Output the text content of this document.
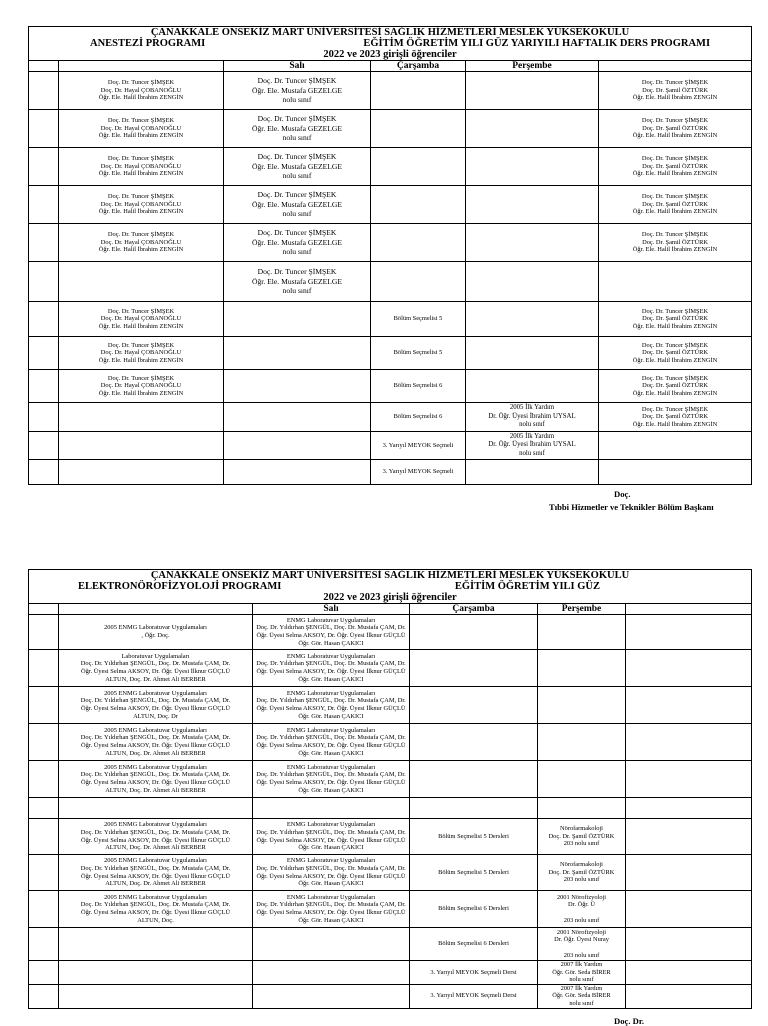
ÇANAKKALE ONSEKİZ MART ÜNİVERSİTESİ SAĞLIK HİZMETLERİ MESLEK YÜKSEKOKULU
ANESTEZİ PROGRAMI EĞİTİM ÖĞRETİM YILI GÜZ YARIYILI HAFTALIK DERS PROGRAMI
2022 ve 2023 girişli öğrenciler					

		Salı	Çarşamba	Perşembe	

	Doç. Dr. Tuncer ŞİMŞEK
Doç. Dr. Hayal ÇOBANOĞLU
Öğr. Ele. Halil İbrahim ZENGİN	Doç. Dr. Tuncer ŞİMŞEK
Öğr. Ele. Mustafa GEZELGE
nolu sınıf			Doç. Dr. Tuncer ŞİMŞEK
Doç. Dr. Şamil ÖZTÜRK
Öğr. Ele. Halil İbrahim ZENGİN

	Doç. Dr. Tuncer ŞİMŞEK
Doç. Dr. Hayal ÇOBANOĞLU
Öğr. Ele. Halil İbrahim ZENGİN	Doç. Dr. Tuncer ŞİMŞEK
Öğr. Ele. Mustafa GEZELGE
nolu sınıf			Doç. Dr. Tuncer ŞİMŞEK
Doç. Dr. Şamil ÖZTÜRK
Öğr. Ele. Halil İbrahim ZENGİN

	Doç. Dr. Tuncer ŞİMŞEK
Doç. Dr. Hayal ÇOBANOĞLU
Öğr. Ele. Halil İbrahim ZENGİN	Doç. Dr. Tuncer ŞİMŞEK
Öğr. Ele. Mustafa GEZELGE
nolu sınıf			Doç. Dr. Tuncer ŞİMŞEK
Doç. Dr. Şamil ÖZTÜRK
Öğr. Ele. Halil İbrahim ZENGİN

	Doç. Dr. Tuncer ŞİMŞEK
Doç. Dr. Hayal ÇOBANOĞLU
Öğr. Ele. Halil İbrahim ZENGİN	Doç. Dr. Tuncer ŞİMŞEK
Öğr. Ele. Mustafa GEZELGE
nolu sınıf			Doç. Dr. Tuncer ŞİMŞEK
Doç. Dr. Şamil ÖZTÜRK
Öğr. Ele. Halil İbrahim ZENGİN

	Doç. Dr. Tuncer ŞİMŞEK
Doç. Dr. Hayal ÇOBANOĞLU
Öğr. Ele. Halil İbrahim ZENGİN	Doç. Dr. Tuncer ŞİMŞEK
Öğr. Ele. Mustafa GEZELGE
nolu sınıf			Doç. Dr. Tuncer ŞİMŞEK
Doç. Dr. Şamil ÖZTÜRK
Öğr. Ele. Halil İbrahim ZENGİN

		Doç. Dr. Tuncer ŞİMŞEK
Öğr. Ele. Mustafa GEZELGE
nolu sınıf			

	Doç. Dr. Tuncer ŞİMŞEK
Doç. Dr. Hayal ÇOBANOĞLU
Öğr. Ele. Halil İbrahim ZENGİN		Bölüm Seçmelisi 5		Doç. Dr. Tuncer ŞİMŞEK
Doç. Dr. Şamil ÖZTÜRK
Öğr. Ele. Halil İbrahim ZENGİN

	Doç. Dr. Tuncer ŞİMŞEK
Doç. Dr. Hayal ÇOBANOĞLU
Öğr. Ele. Halil İbrahim ZENGİN		Bölüm Seçmelisi 5		Doç. Dr. Tuncer ŞİMŞEK
Doç. Dr. Şamil ÖZTÜRK
Öğr. Ele. Halil İbrahim ZENGİN

	Doç. Dr. Tuncer ŞİMŞEK
Doç. Dr. Hayal ÇOBANOĞLU
Öğr. Ele. Halil İbrahim ZENGİN		Bölüm Seçmelisi 6		Doç. Dr. Tuncer ŞİMŞEK
Doç. Dr. Şamil ÖZTÜRK
Öğr. Ele. Halil İbrahim ZENGİN

			Bölüm Seçmelisi 6	2005 İlk Yardım
Dr. Öğr. Üyesi İbrahim UYSAL
nolu sınıf	Doç. Dr. Tuncer ŞİMŞEK
Doç. Dr. Şamil ÖZTÜRK
Öğr. Ele. Halil İbrahim ZENGİN

			3. Yarıyıl MEYOK Seçmeli	2005 İlk Yardım
Dr. Öğr. Üyesi İbrahim UYSAL
nolu sınıf	

			3. Yarıyıl MEYOK Seçmeli		

Doç.
Tıbbi Hizmetler ve Teknikler Bölüm Başkanı
ÇANAKKALE ONSEKİZ MART ÜNİVERSİTESİ SAĞLIK HİZMETLERİ MESLEK YÜKSEKOKULU
ELEKTRONÖROFİZYOLOJİ PROGRAMI EĞİTİM ÖĞRETİM YILI GÜZ
2022 ve 2023 girişli öğrenciler					

		Salı	Çarşamba	Perşembe	

	2005 ENMG Laboratuvar Uygulamaları
, Öğr. Doç.	ENMG Laboratuvar Uygulamaları
Doç. Dr. Yıldırhan ŞENGÜL, Doç. Dr. Mustafa ÇAM, Dr.
Öğr. Üyesi Selma AKSOY, Dr. Öğr. Üyesi İlknur GÜÇLÜ
Öğr. Gör. Hasan ÇAKICI			

	Laboratuvar Uygulamaları
Doç. Dr. Yıldırhan ŞENGÜL, Doç. Dr. Mustafa ÇAM, Dr.
Öğr. Üyesi Selma AKSOY, Dr. Öğr. Üyesi İlknur GÜÇLÜ
ALTUN, Doç. Dr. Ahmet Ali BERBER	ENMG Laboratuvar Uygulamaları
Doç. Dr. Yıldırhan ŞENGÜL, Doç. Dr. Mustafa ÇAM, Dr.
Öğr. Üyesi Selma AKSOY, Dr. Öğr. Üyesi İlknur GÜÇLÜ
Öğr. Gör. Hasan ÇAKICI			

	2005 ENMG Laboratuvar Uygulamaları
Doç. Dr. Yıldırhan ŞENGÜL, Doç. Dr. Mustafa ÇAM, Dr.
Öğr. Üyesi Selma AKSOY, Dr. Öğr. Üyesi İlknur GÜÇLÜ
ALTUN, Doç. Dr	ENMG Laboratuvar Uygulamaları
Doç. Dr. Yıldırhan ŞENGÜL, Doç. Dr. Mustafa ÇAM, Dr.
Öğr. Üyesi Selma AKSOY, Dr. Öğr. Üyesi İlknur GÜÇLÜ
Öğr. Gör. Hasan ÇAKICI			

	2005 ENMG Laboratuvar Uygulamaları
Doç. Dr. Yıldırhan ŞENGÜL, Doç. Dr. Mustafa ÇAM, Dr.
Öğr. Üyesi Selma AKSOY, Dr. Öğr. Üyesi İlknur GÜÇLÜ
ALTUN, Doç. Dr. Ahmet Ali BERBER	ENMG Laboratuvar Uygulamaları
Doç. Dr. Yıldırhan ŞENGÜL, Doç. Dr. Mustafa ÇAM, Dr.
Öğr. Üyesi Selma AKSOY, Dr. Öğr. Üyesi İlknur GÜÇLÜ
Öğr. Gör. Hasan ÇAKICI			

	2005 ENMG Laboratuvar Uygulamaları
Doç. Dr. Yıldırhan ŞENGÜL, Doç. Dr. Mustafa ÇAM, Dr.
Öğr. Üyesi Selma AKSOY, Dr. Öğr. Üyesi İlknur GÜÇLÜ
ALTUN, Doç. Dr. Ahmet Ali BERBER	ENMG Laboratuvar Uygulamaları
Doç. Dr. Yıldırhan ŞENGÜL, Doç. Dr. Mustafa ÇAM, Dr.
Öğr. Üyesi Selma AKSOY, Dr. Öğr. Üyesi İlknur GÜÇLÜ
Öğr. Gör. Hasan ÇAKICI			

	2005 ENMG Laboratuvar Uygulamaları
Doç. Dr. Yıldırhan ŞENGÜL, Doç. Dr. Mustafa ÇAM, Dr.
Öğr. Üyesi Selma AKSOY, Dr. Öğr. Üyesi İlknur GÜÇLÜ
ALTUN, Doç. Dr. Ahmet Ali BERBER	ENMG Laboratuvar Uygulamaları
Doç. Dr. Yıldırhan ŞENGÜL, Doç. Dr. Mustafa ÇAM, Dr.
Öğr. Üyesi Selma AKSOY, Dr. Öğr. Üyesi İlknur GÜÇLÜ
Öğr. Gör. Hasan ÇAKICI	Bölüm Seçmelisi 5 Dersleri	Nörofarmakoloji
Doç. Dr. Şamil ÖZTÜRK
203 nolu sınıf	

	2005 ENMG Laboratuvar Uygulamaları
Doç. Dr. Yıldırhan ŞENGÜL, Doç. Dr. Mustafa ÇAM, Dr.
Öğr. Üyesi Selma AKSOY, Dr. Öğr. Üyesi İlknur GÜÇLÜ
ALTUN, Doç. Dr. Ahmet Ali BERBER	ENMG Laboratuvar Uygulamaları
Doç. Dr. Yıldırhan ŞENGÜL, Doç. Dr. Mustafa ÇAM, Dr.
Öğr. Üyesi Selma AKSOY, Dr. Öğr. Üyesi İlknur GÜÇLÜ
Öğr. Gör. Hasan ÇAKICI	Bölüm Seçmelisi 5 Dersleri	Nörofarmakoloji
Doç. Dr. Şamil ÖZTÜRK
203 nolu sınıf	

	2005 ENMG Laboratuvar Uygulamaları
Doç. Dr. Yıldırhan ŞENGÜL, Doç. Dr. Mustafa ÇAM, Dr.
Öğr. Üyesi Selma AKSOY, Dr. Öğr. Üyesi İlknur GÜÇLÜ
ALTUN, Doç.	ENMG Laboratuvar Uygulamaları
Doç. Dr. Yıldırhan ŞENGÜL, Doç. Dr. Mustafa ÇAM, Dr.
Öğr. Üyesi Selma AKSOY, Dr. Öğr. Üyesi İlknur GÜÇLÜ
Öğr. Gör. Hasan ÇAKICI	Bölüm Seçmelisi 6 Dersleri	2001 Nörofizyoloji
Dr. Öğr. Ü

203 nolu sınıf	

			Bölüm Seçmelisi 6 Dersleri	2001 Nörofizyoloji
Dr. Öğr. Üyesi Nuray

203 nolu sınıf	

			3. Yarıyıl MEYOK Seçmeli Dersi	2007 İlk Yardım
Öğr. Gör. Seda BİRER
nolu sınıf	

			3. Yarıyıl MEYOK Seçmeli Dersi	2007 İlk Yardım
Öğr. Gör. Seda BİRER
nolu sınıf	

Doç. Dr.
